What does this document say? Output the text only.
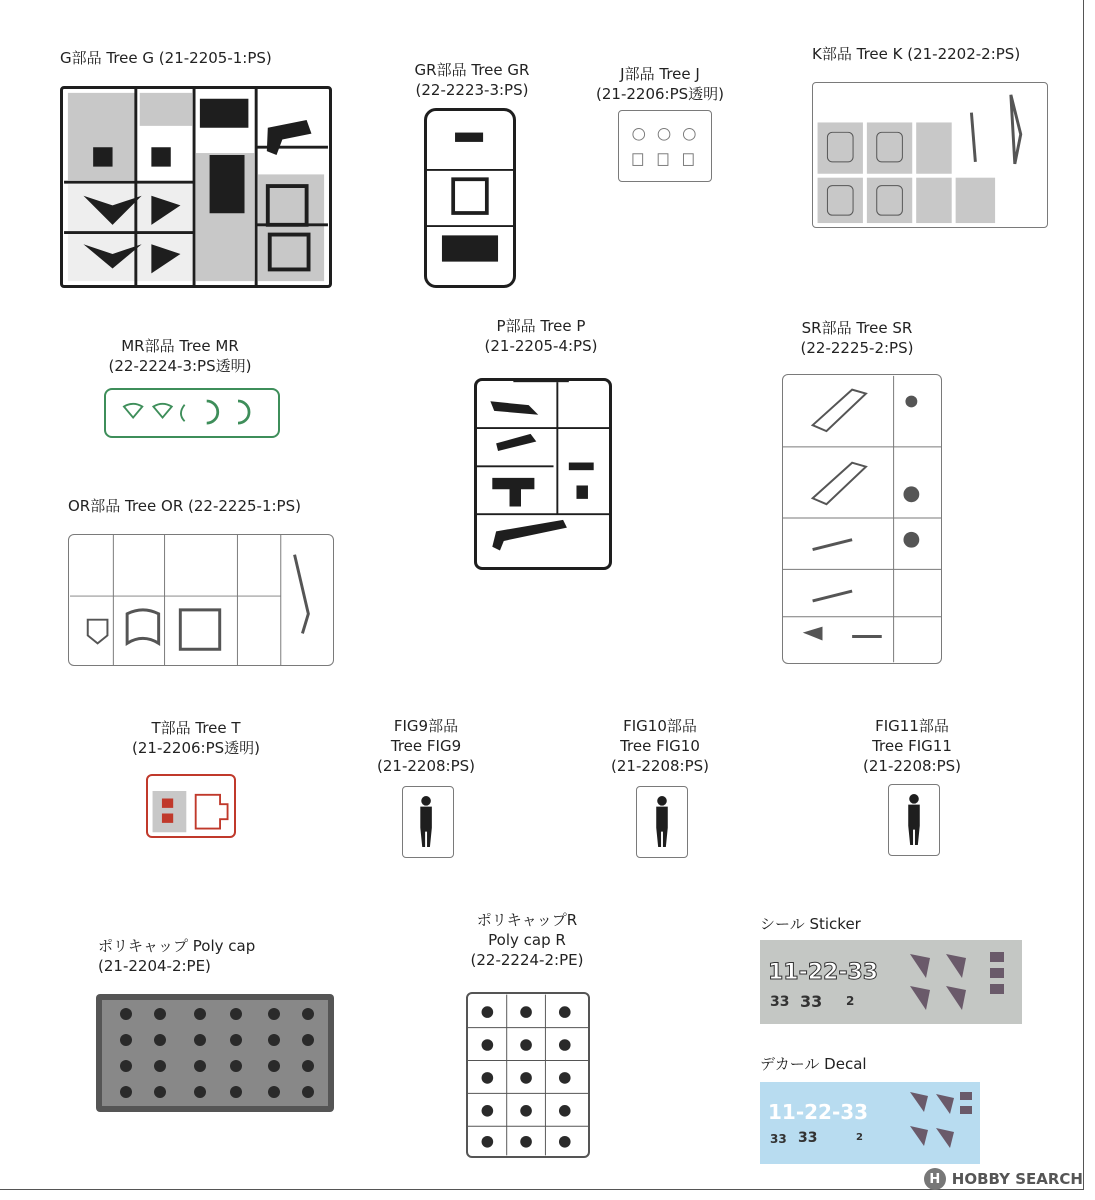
G部品 Tree G (21-2205-1:PS)
GR部品 Tree GR
(22-2223-3:PS)
J部品 Tree J
(21-2206:PS透明)
K部品 Tree K (21-2202-2:PS)
MR部品 Tree MR
(22-2224-3:PS透明)
P部品 Tree P
(21-2205-4:PS)
SR部品 Tree SR
(22-2225-2:PS)
OR部品 Tree OR (22-2225-1:PS)
T部品 Tree T
(21-2206:PS透明)
FIG9部品
Tree FIG9
(21-2208:PS)
FIG10部品
Tree FIG10
(21-2208:PS)
FIG11部品
Tree FIG11
(21-2208:PS)
ポリキャップ Poly cap
(21-2204-2:PE)
ポリキャップR
Poly cap R
(22-2224-2:PE)
シール Sticker
11-22-33
33 33 2
デカール Decal
11-22-33
33 33	2
H HOBBY SEARCH
